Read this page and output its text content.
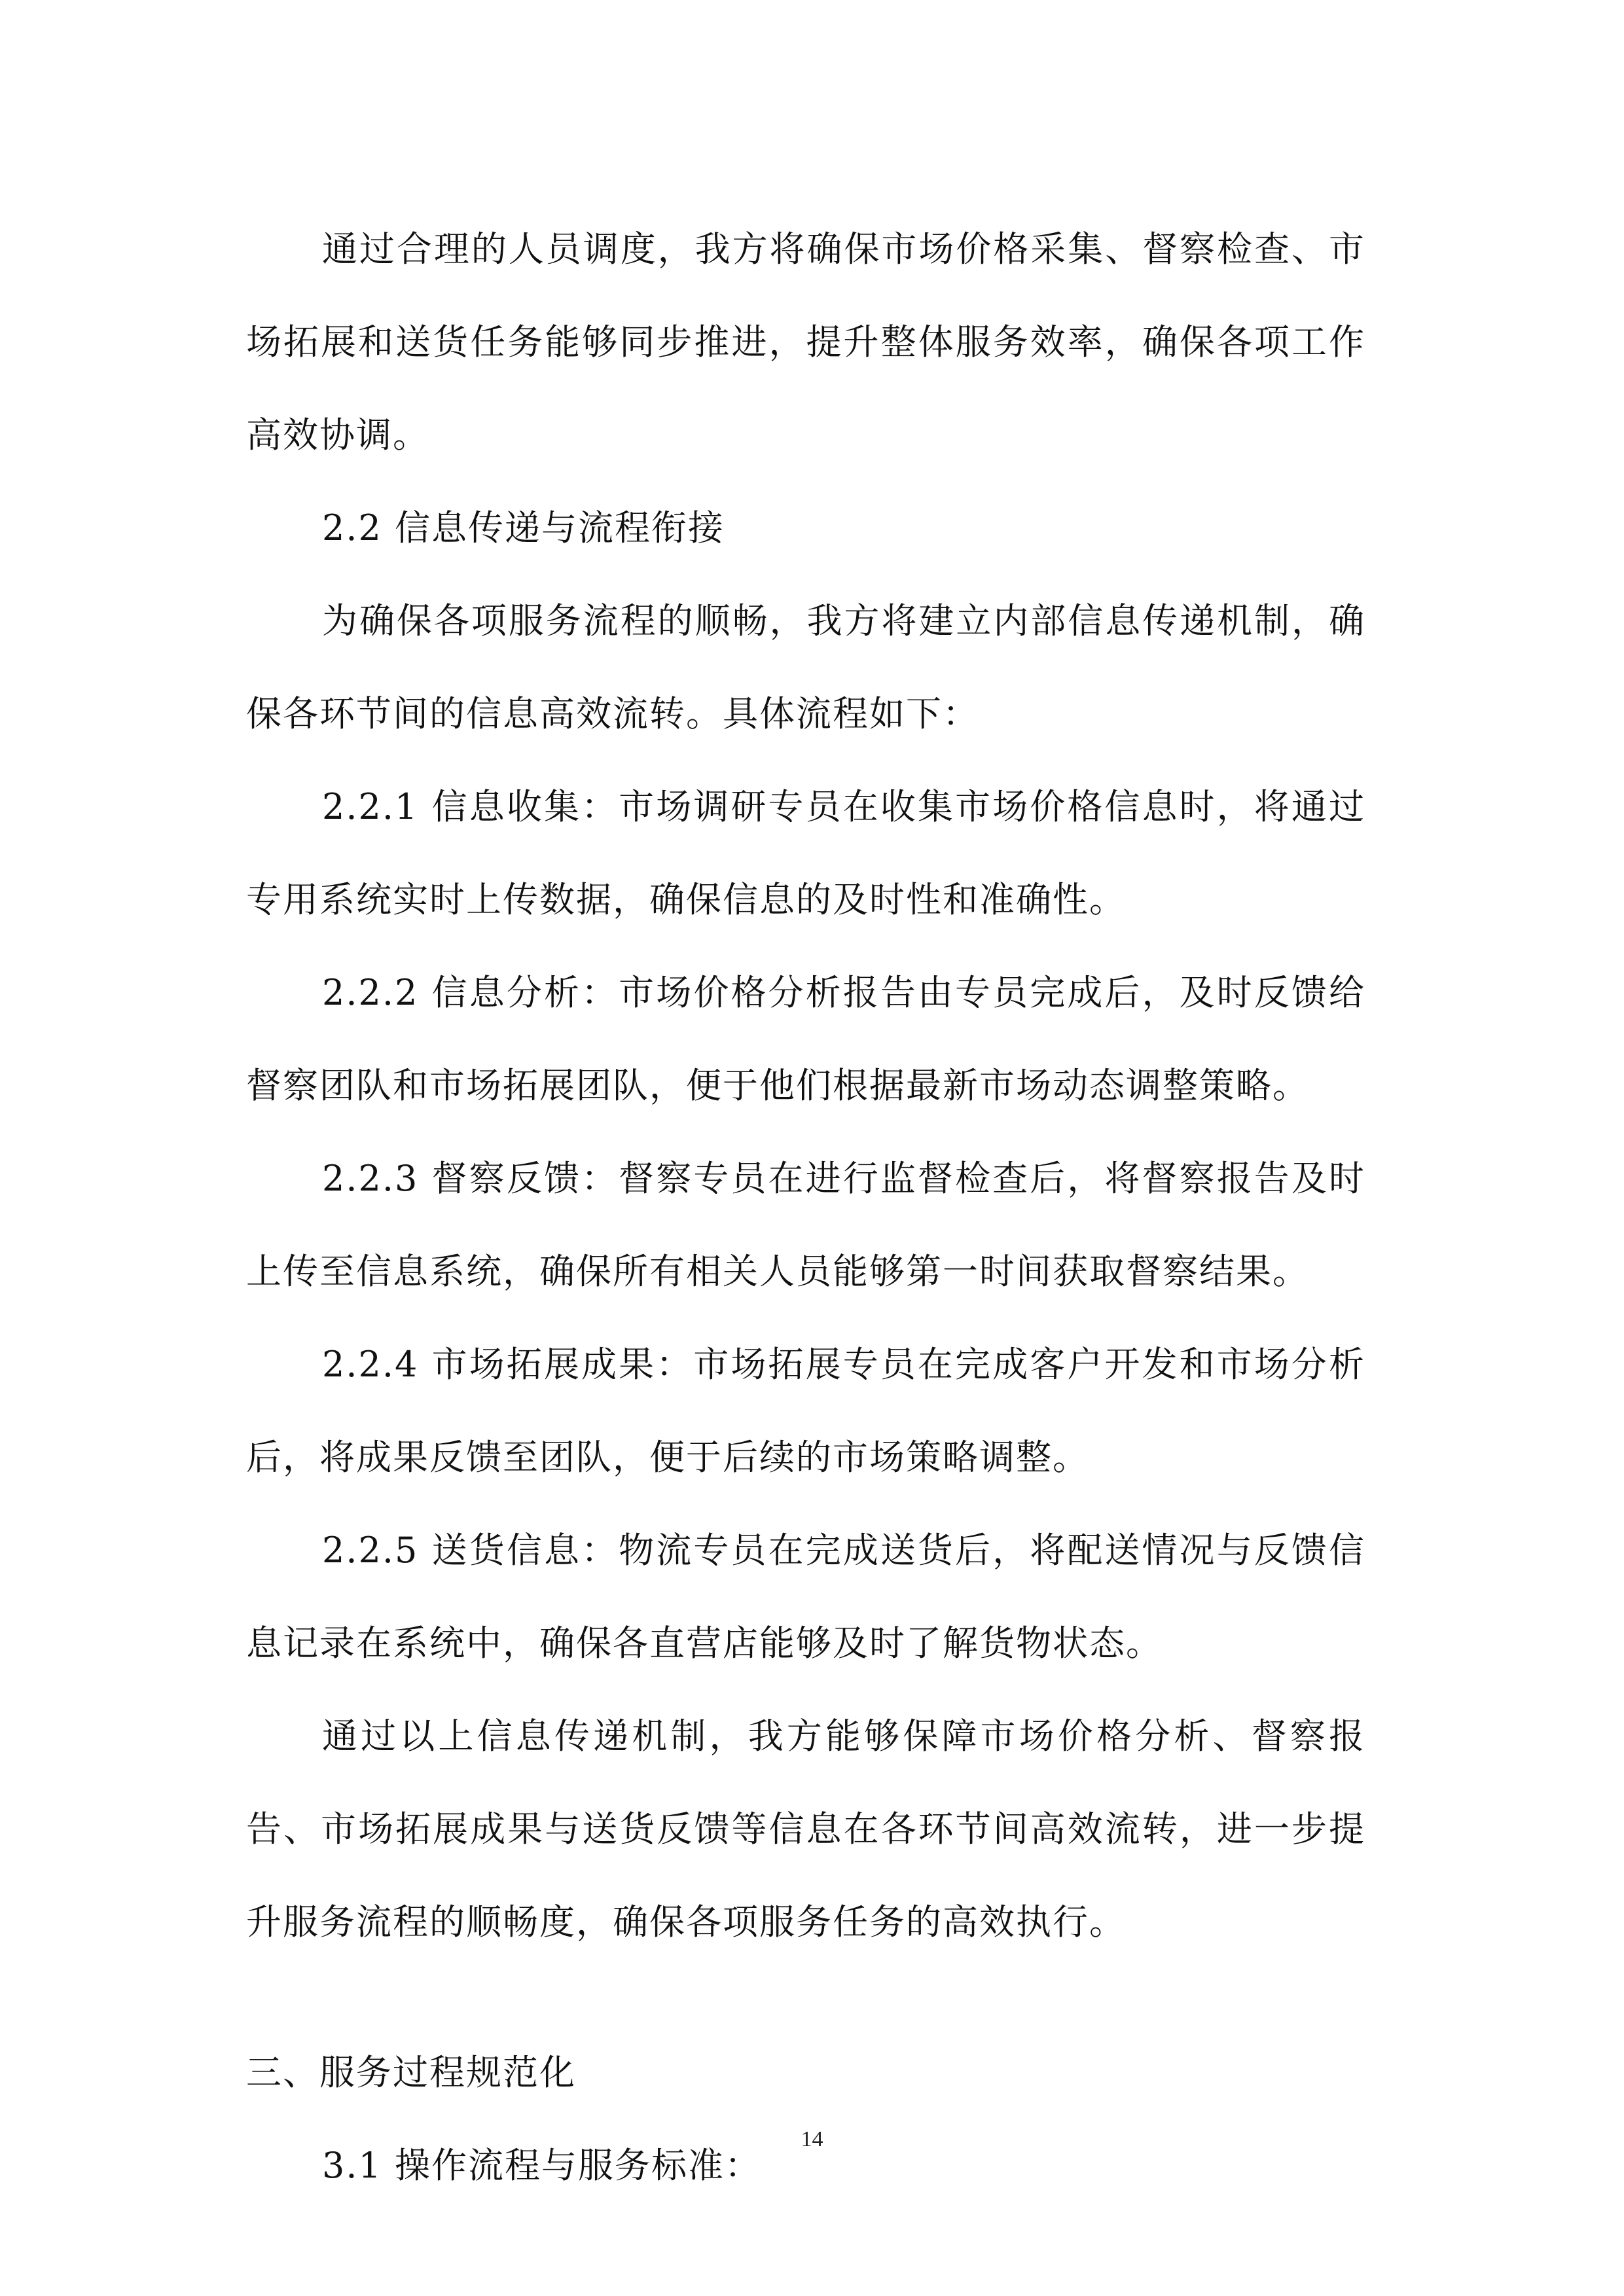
通过合理的人员调度，我方将确保市场价格采集、督察检查、市场拓展和送货任务能够同步推进，提升整体服务效率，确保各项工作高效协调。

2.2 信息传递与流程衔接

为确保各项服务流程的顺畅，我方将建立内部信息传递机制，确保各环节间的信息高效流转。具体流程如下：

2.2.1 信息收集：市场调研专员在收集市场价格信息时，将通过专用系统实时上传数据，确保信息的及时性和准确性。

2.2.2 信息分析：市场价格分析报告由专员完成后，及时反馈给督察团队和市场拓展团队，便于他们根据最新市场动态调整策略。

2.2.3 督察反馈：督察专员在进行监督检查后，将督察报告及时上传至信息系统，确保所有相关人员能够第一时间获取督察结果。

2.2.4 市场拓展成果：市场拓展专员在完成客户开发和市场分析后，将成果反馈至团队，便于后续的市场策略调整。

2.2.5 送货信息：物流专员在完成送货后，将配送情况与反馈信息记录在系统中，确保各直营店能够及时了解货物状态。

通过以上信息传递机制，我方能够保障市场价格分析、督察报告、市场拓展成果与送货反馈等信息在各环节间高效流转，进一步提升服务流程的顺畅度，确保各项服务任务的高效执行。

三、服务过程规范化

3.1 操作流程与服务标准：

14
